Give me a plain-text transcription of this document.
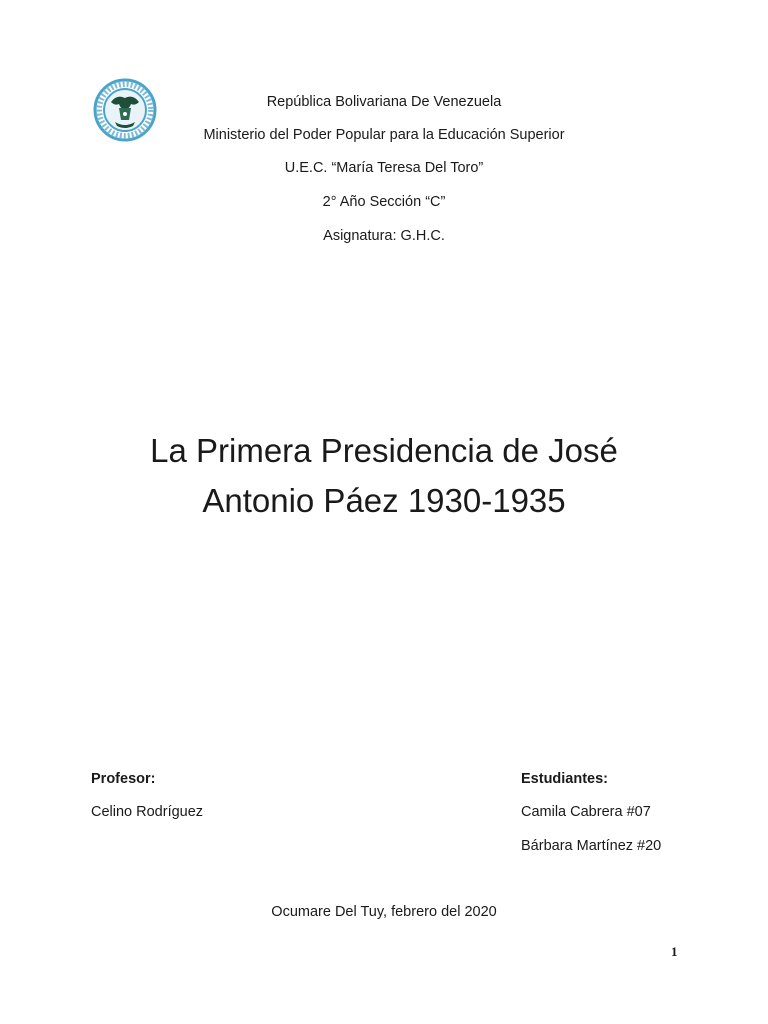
República Bolivariana De Venezuela
Ministerio del Poder Popular para la Educación Superior
U.E.C. “María Teresa Del Toro”
2° Año Sección “C”
Asignatura: G.H.C.
La Primera Presidencia de José
Antonio Páez 1930-1935
Profesor:
Celino Rodríguez
Estudiantes:
Camila Cabrera #07
Bárbara Martínez #20
Ocumare Del Tuy, febrero del 2020
1
